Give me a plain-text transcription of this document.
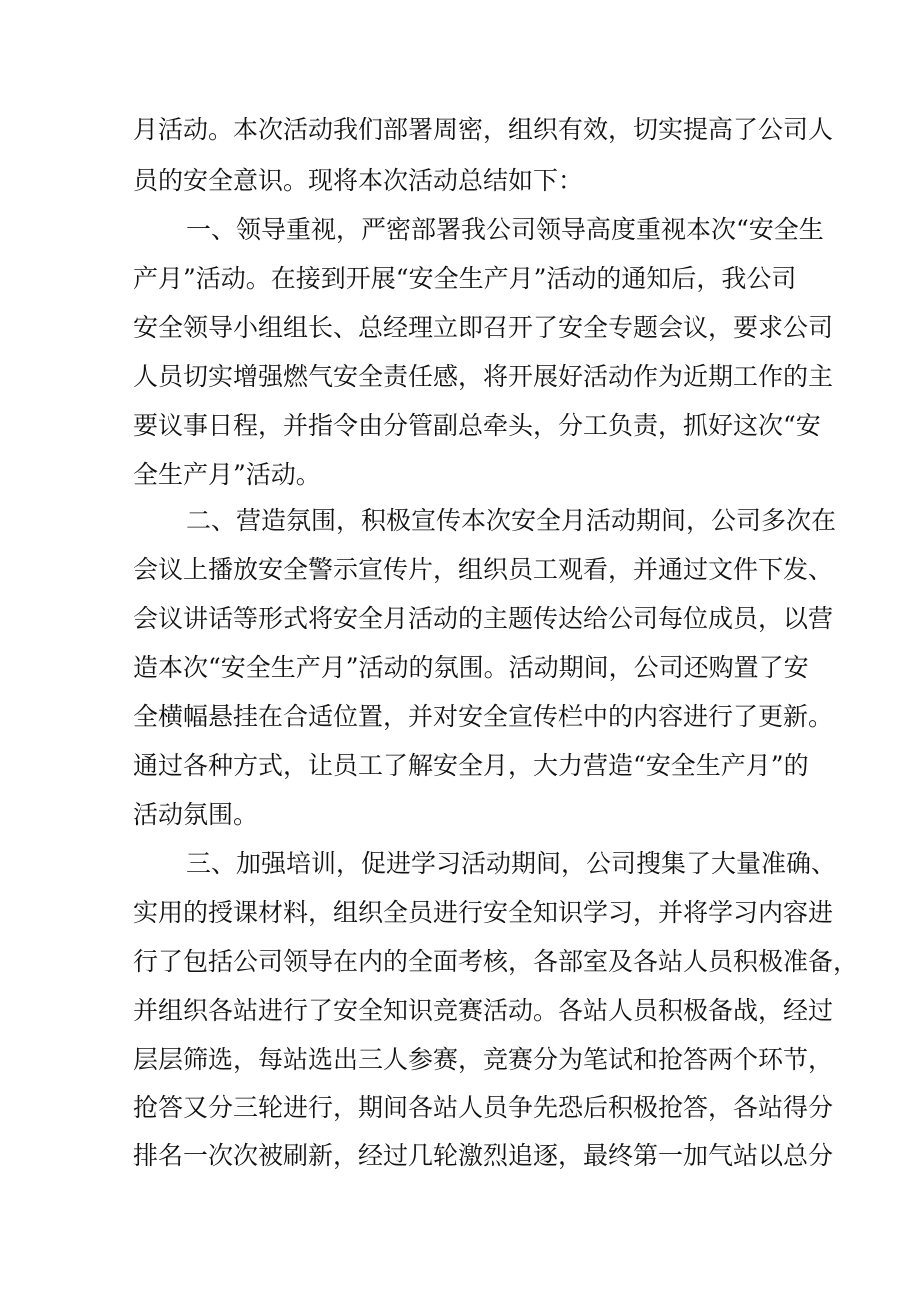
月活动。本次活动我们部署周密，组织有效，切实提高了公司人
员的安全意识。现将本次活动总结如下：
一、领导重视，严密部署我公司领导高度重视本次“安全生
产月”活动。在接到开展“安全生产月”活动的通知后，我公司
安全领导小组组长、总经理立即召开了安全专题会议，要求公司
人员切实增强燃气安全责任感，将开展好活动作为近期工作的主
要议事日程，并指令由分管副总牵头，分工负责，抓好这次“安
全生产月”活动。
二、营造氛围，积极宣传本次安全月活动期间，公司多次在
会议上播放安全警示宣传片，组织员工观看，并通过文件下发、
会议讲话等形式将安全月活动的主题传达给公司每位成员，以营
造本次“安全生产月”活动的氛围。活动期间，公司还购置了安
全横幅悬挂在合适位置，并对安全宣传栏中的内容进行了更新。
通过各种方式，让员工了解安全月，大力营造“安全生产月”的
活动氛围。
三、加强培训，促进学习活动期间，公司搜集了大量准确、
实用的授课材料，组织全员进行安全知识学习，并将学习内容进
行了包括公司领导在内的全面考核，各部室及各站人员积极准备，
并组织各站进行了安全知识竞赛活动。各站人员积极备战，经过
层层筛选，每站选出三人参赛，竞赛分为笔试和抢答两个环节，
抢答又分三轮进行，期间各站人员争先恐后积极抢答，各站得分
排名一次次被刷新，经过几轮激烈追逐，最终第一加气站以总分
